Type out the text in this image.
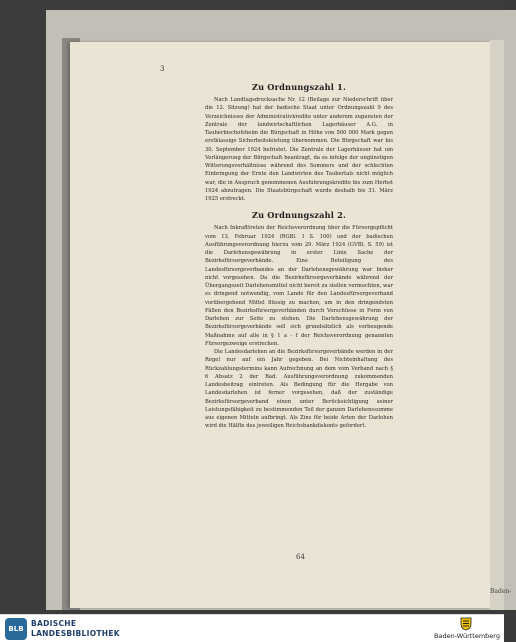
Baden-
3
Zu Ordnungszahl 1.

Nach Landtagsdrucksache Nr. 12 (Beilage zur Niederschrift über die 12. Sitzung) hat der badische Staat unter Ordnungszahl 9 des Verzeichnisses der Administrativkredite unter anderem zugunsten der Zentrale der landwirtschaftlichen Lagerhäuser A.G. in Tauberbischofsheim die Bürgschaft in Höhe von 500 000 Mark gegen erstklassige Sicherheitsleistung übernommen. Die Bürgschaft war bis 30. September 1924 befristet. Die Zentrale der Lagerhäuser hat um Verlängerung der Bürgschaft beantragt, da es infolge der ungünstigen Witterungsverhältnisse während des Sommers und der schlechten Einbringung der Ernte den Landwirten des Taubertals nicht möglich war, die in Anspruch genommenen Ausfuhrungskredite bis zum Herbst 1924 abzutragen. Die Staatsbürgschaft wurde deshalb bis 31. März 1925 erstreckt.

Zu Ordnungszahl 2.

Nach Inkrafttreten der Reichsverordnung über die Fürsorgepflicht vom 13. Februar 1924 (RGBl. I S. 100) und der badischen Ausführungsverordnung hierzu vom 29. März 1924 (GVBl. S. 59) ist die Darlehensgewährung in erster Linie Sache der Bezirksfürsorgeverbände. Eine Beteiligung des Landesfürsorgeverbandes an der Darlehensgewährung war bisher nicht vorgesehen. Da die Bezirksfürsorgeverbände während der Übergangszeit Darlehensmittel nicht bereit zu stellen vermochten, war es dringend notwendig, vom Lande für den Landesfürsorgeverband vorübergehend Mittel flüssig zu machen, um in den dringendsten Fällen den Bezirksfürsorgeverbänden durch Vorschüsse in Form von Darlehen zur Seite zu stehen. Die Darlehensgewährung der Bezirksfürsorgeverbände soll sich grundsätzlich als vorbeugende Maßnahme auf alle in § 1 a - f der Reichsverordnung genannten Fürsorgezweige erstrecken.

Die Landesdarlehen an die Bezirksfürsorgeverbände werden in der Regel nur auf ein Jahr gegeben. Bei Nichteinhaltung des Rückzahlungstermins kann Aufrechnung an dem vom Verband nach § 6 Absatz 2 der Bad. Ausführungsverordnung zukommenden Landesbeitrag eintreten. Als Bedingung für die Hergabe von Landesdarlehen ist ferner vorgesehen, daß der zuständige Bezirksfürsorgeverband einen unter Berücksichtigung seiner Leistungsfähigkeit zu bestimmenden Teil der ganzen Darlehenssumme aus eigenen Mitteln aufbringt. Als Zins für beide Arten der Darlehen wird die Hälfte des jeweiligen Reichsbankdiskonts gefordert.

64
BLB
BADISCHE
LANDESBIBLIOTHEK	Baden-Württemberg
